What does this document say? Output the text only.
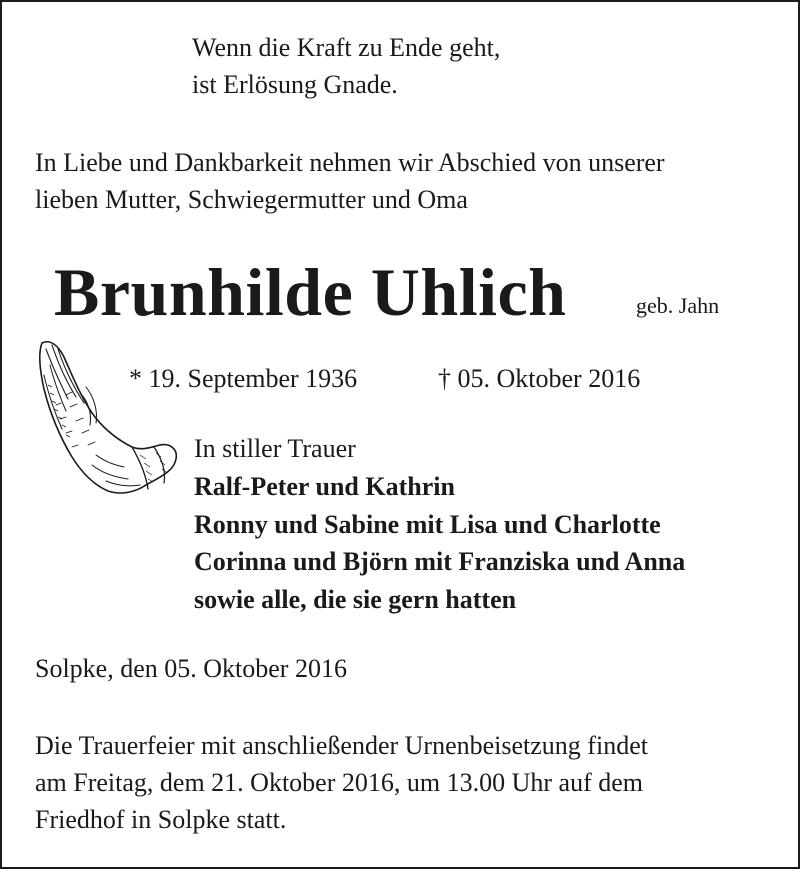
Wenn die Kraft zu Ende geht,
ist Erlösung Gnade.
In Liebe und Dankbarkeit nehmen wir Abschied von unserer
lieben Mutter, Schwiegermutter und Oma
Brunhilde Uhlich	geb. Jahn
* 19. September 1936	† 05. Oktober 2016
In stiller Trauer
Ralf-Peter und Kathrin
Ronny und Sabine mit Lisa und Charlotte
Corinna und Björn mit Franziska und Anna
sowie alle, die sie gern hatten
Solpke, den 05. Oktober 2016
Die Trauerfeier mit anschließender Urnenbeisetzung findet
am Freitag, dem 21. Oktober 2016, um 13.00 Uhr auf dem
Friedhof in Solpke statt.
